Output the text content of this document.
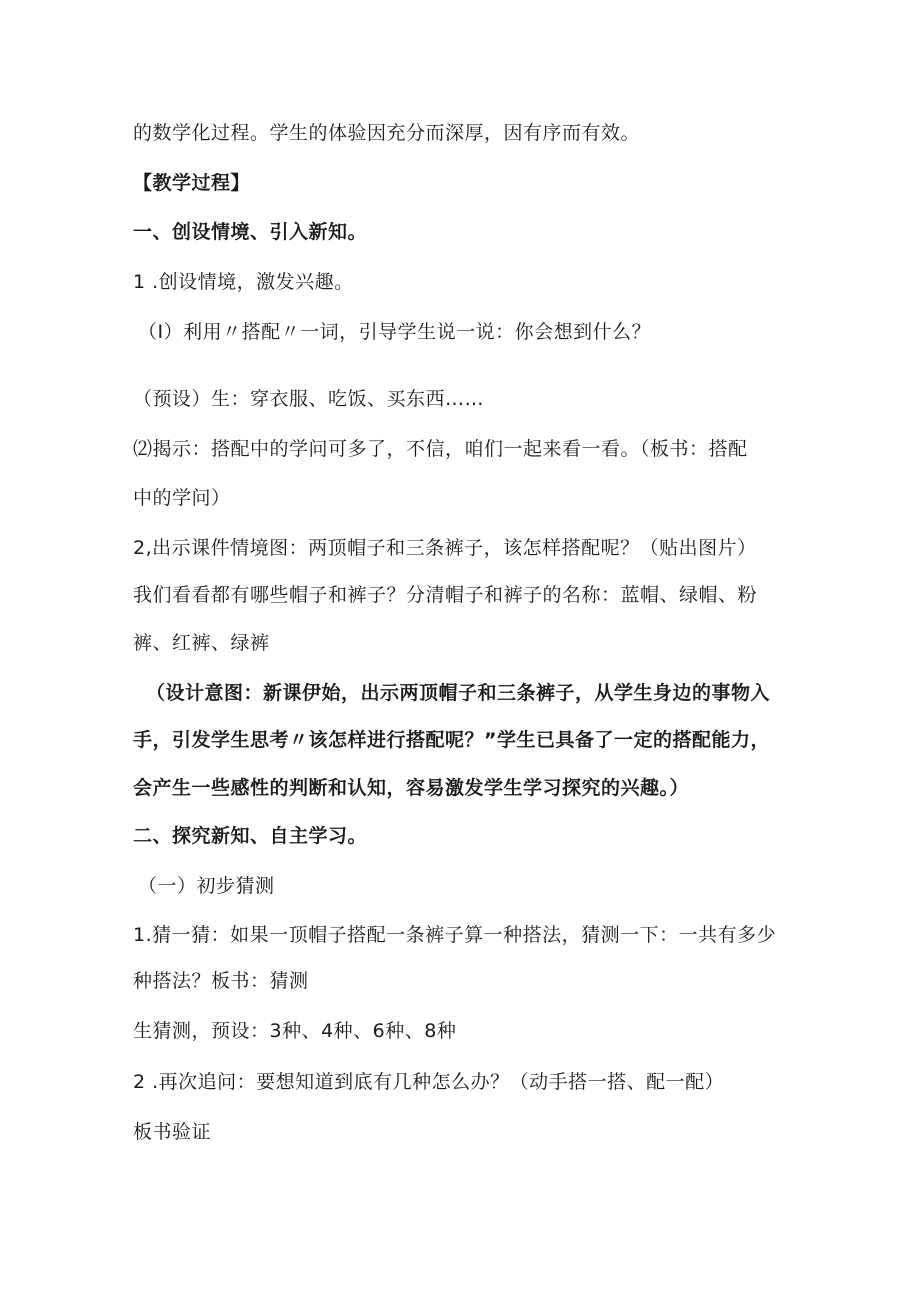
的数学化过程。学生的体验因充分而深厚，因有序而有效。
【教学过程】
一、创设情境、引入新知。
1 .创设情境，激发兴趣。
（I）利用〃搭配〃一词，引导学生说一说：你会想到什么？
（预设）生：穿衣服、吃饭、买东西……
⑵揭示：搭配中的学问可多了，不信，咱们一起来看一看。（板书：搭配
中的学问）
2,出示课件情境图：两顶帽子和三条裤子，该怎样搭配呢？（贴出图片）
我们看看都有哪些帽子和裤子？分清帽子和裤子的名称：蓝帽、绿帽、粉
裤、红裤、绿裤
（设计意图：新课伊始，出示两顶帽子和三条裤子，从学生身边的事物入
手，引发学生思考〃该怎样进行搭配呢？”学生已具备了一定的搭配能力，
会产生一些感性的判断和认知，容易激发学生学习探究的兴趣。）
二、探究新知、自主学习。
（一）初步猜测
1.猜一猜：如果一顶帽子搭配一条裤子算一种搭法，猜测一下：一共有多少
种搭法？板书：猜测
生猜测，预设：3种、4种、6种、8种
2 .再次追问：要想知道到底有几种怎么办？（动手搭一搭、配一配）
板书验证
